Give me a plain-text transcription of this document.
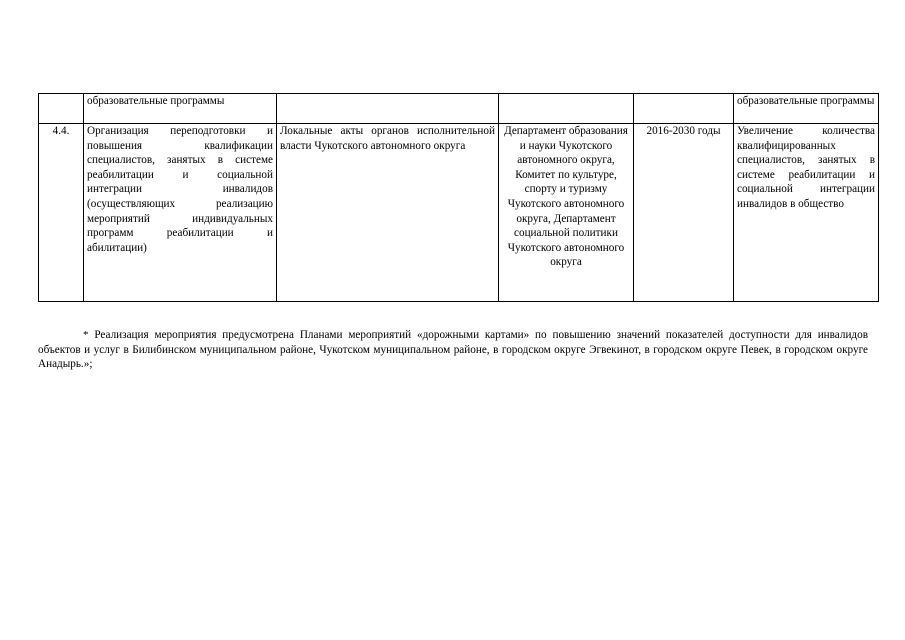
	образовательные программы				образовательные программы
4.4.	Организация переподготовки и повышения квалификации специалистов, занятых в системе реабилитации и социальной интеграции инвалидов (осуществляющих реализацию мероприятий индивидуальных программ реабилитации и абилитации)	Локальные акты органов исполнительной власти Чукотского автономного округа	Департамент образования и науки Чукотского автономного округа, Комитет по культуре, спорту и туризму Чукотского автономного округа, Департамент социальной политики Чукотского автономного округа	2016-2030 годы	Увеличение количества квалифицированных специалистов, занятых в системе реабилитации и социальной интеграции инвалидов в общество

* Реализация мероприятия предусмотрена Планами мероприятий «дорожными картами» по повышению значений показателей доступности для инвалидов объектов и услуг в Билибинском муниципальном районе, Чукотском муниципальном районе, в городском округе Эгвекинот, в городском округе Певек, в городском округе Анадырь.»;
